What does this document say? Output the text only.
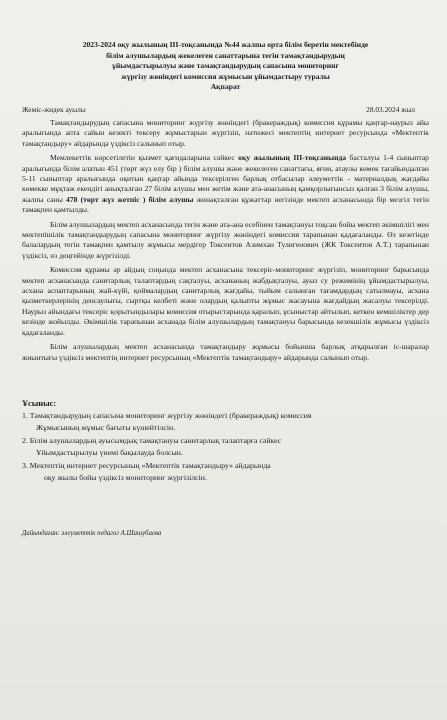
2023-2024 оқу жылының III-тоқсанында №44 жалпы орта білім беретін мектебінде
білім алушылардың жекелеген санаттарына тегін тамақтандырудың
ұйымдастырылуы және тамақтандырудың сапасына мониторинг
жүргізу жөніндегі комиссия жұмысын ұйымдастыру туралы
Ақпарат
Жеміс-жидек ауылы	28.03.2024 жыл

Тамақтандырудың сапасына мониторинг жүргізу жөніндегі (бракераждық) комиссия құрамы қаңтар-наурыз айы аралығында апта сайын кезекті тексеру жұмыстарын жүргізіп, нәтижесі мектептің интернет ресурсында «Мектептік тамақтандыру» айдарында үздіксіз салынып отыр.

Мемлекеттік көрсетілетін қызмет қағидаларына сәйкес оқу жылының III-тоқсанында басталуы 1-4 сыныптар аралығында білім алатын 451 (төрт жүз елу бір ) білім алушы және жекелеген санаттағы, яғни, атаулы көмек тағайындалған 5-11 сыныптар аралығында оқитын қаңтар айында тексерілген барлық отбасылар әлеуметтік - материалдық жағдайы көмекке мұқтаж екендігі анықталған 27 білім алушы мен жетім және ата-анасының қамқорлығынсыз қалған 3 білім алушы, жалпы саны 478 (төрт жүз жетпіс ) білім алушы жинақталған құжаттар негізінде мектеп асханасында бір мезгіл тегін тамақпен қамтылды.

Білім алушылардың мектеп асханасында тегін және ата-ана есебінен тамақтануы тоқсан бойы мектеп әкімшілігі мен мектепішілік тамақтандырудың сапасына мониторинг жүргізу жөніндегі комиссия тарапынан қадағаланды. Өз кезегінде балалардың тегін тамақпен қамтылу жұмысы мердігер Токсеитов Азимхан Тулигенович (ЖК Токсеитов А.Т.) тарапынан үздіксіз, өз деңгейінде жүргізілді.

Комиссия құрамы әр айдың соңында мектеп асханасына тексеріс-мониторинг жүргізіп, мониторинг барысында мектеп асханасында санитарлық талаптардың сақталуы, асхананың жабдықталуы, ауыз су режимінің ұйымдастырылуы, асхана аспаптарының жай-күйі, қоймалардың санитарлық жағдайы, тыйым салынған тағамдардың сатылмауы, асхана қызметкерлерінің денсаулығы, сыртқы келбеті және олардың қалыпты жұмыс жасауына жағдайдың жасалуы тексерілді. Наурыз айындағы тексеріс қорытындылары комиссия отырыстарында қаралып, ұсыныстар айтылып, кеткен кемшіліктер дер кезінде жойылды. Әкімшілік тарапынан асханада білім алушылардың тамақтануы барысында кезекшілік жұмысы үздіксіз қадағаланды.

Білім алушылардың мектеп асханасында тамақтандыру жұмысы бойынша барлық атқарылған іс-шаралар жиынтығы үздіксіз мектептің интернет ресурсының «Мектептік тамақтандыру» айдарында салынып отыр.

Ұсыныс:
1. Тамақтандырудың сапасына мониторинг жүргізу жөніндегі (бракераждық) комиссия
Жұмысының жұмыс бағыты күшейтілсін.
2. Білім алушылардың ауысымдық тамақтануы санитарлық талаптарға сәйкес
Ұйымдастырылуы үнемі бақылауда болсын.
3. Мектептің интернет ресурсының «Мектептік тамақтандыру» айдарында
оқу жылы бойы үздіксіз мониторинг жүргізілсін.
Дайындаған: әлеуметтік педагог А.Шашубаева
